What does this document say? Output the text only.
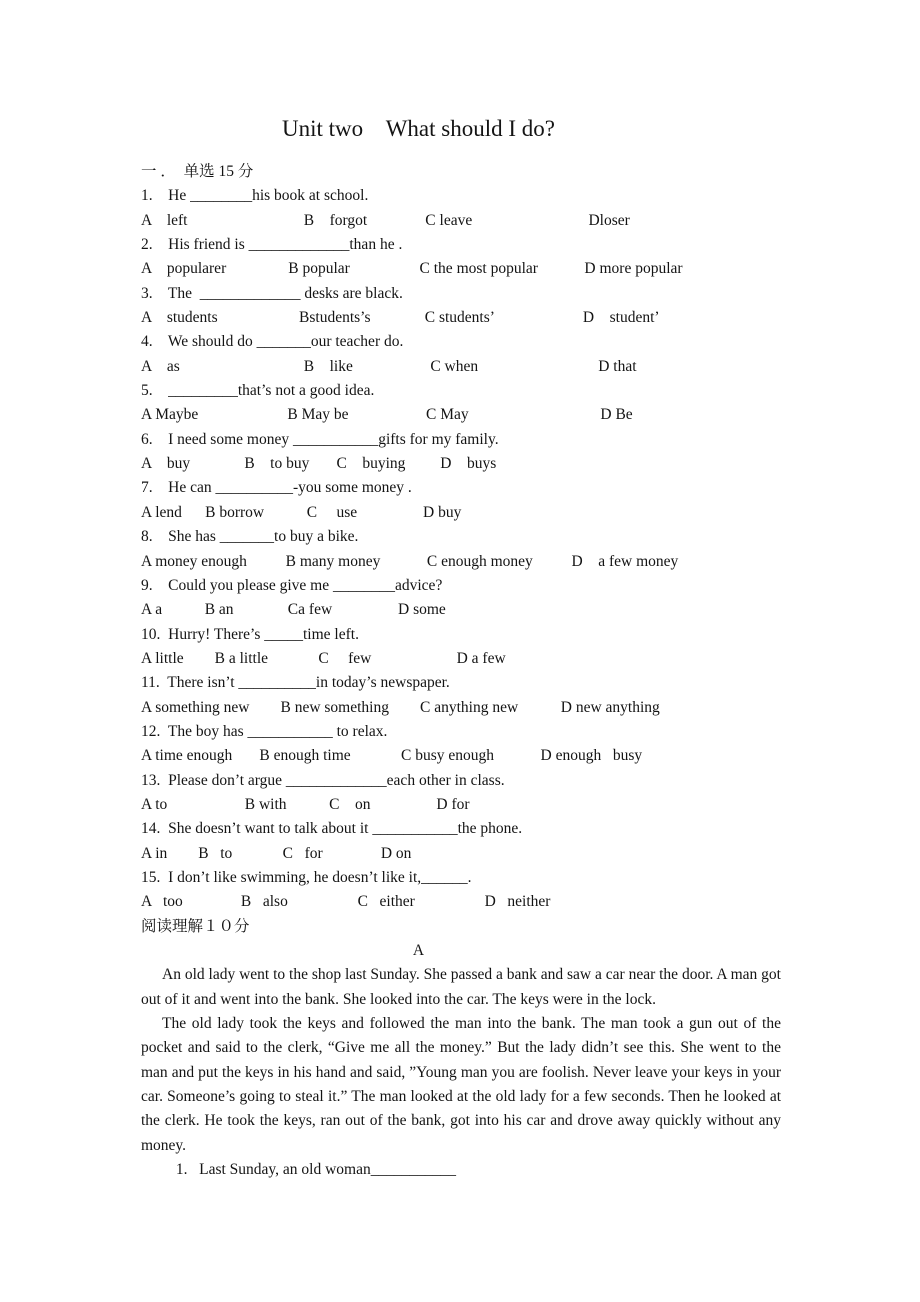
Unit two    What should I do?
一 ．  单选 15 分
1.    He ________his book at school.
A    left                              B    forgot               C leave                              Dloser
2.    His friend is _____________than he .
A    popularer                B popular                  C the most popular            D more popular
3.    The  _____________ desks are black.
A    students                     Bstudents’s              C students’                       D    student’
4.    We should do _______our teacher do.
A    as                                B    like                    C when                               D that
5.    _________that’s not a good idea.
A Maybe                       B May be                    C May                                  D Be
6.    I need some money ___________gifts for my family.
A    buy              B    to buy       C    buying         D    buys
7.    He can __________-you some money .
A lend      B borrow           C     use                 D buy
8.    She has _______to buy a bike.
A money enough          B many money            C enough money          D    a few money
9.    Could you please give me ________advice?
A a           B an              Ca few                 D some
10.  Hurry! There’s _____time left.
A little        B a little             C     few                      D a few
11.  There isn’t __________in today’s newspaper.
A something new        B new something        C anything new           D new anything
12.  The boy has ___________ to relax.
A time enough       B enough time             C busy enough            D enough   busy
13.  Please don’t argue _____________each other in class.
A to                    B with           C    on                 D for
14.  She doesn’t want to talk about it ___________the phone.
A in        B   to             C   for               D on
15.  I don’t like swimming, he doesn’t like it,______.
A   too               B   also                  C   either                  D   neither
阅读理解１０分
A

An old lady went to the shop last Sunday. She passed a bank and saw a car near the door. A man got out of it and went into the bank. She looked into the car. The keys were in the lock.

The old lady took the keys and followed the man into the bank. The man took a gun out of the pocket and said to the clerk, “Give me all the money.” But the lady didn’t see this. She went to the man and put the keys in his hand and said, ”Young man you are foolish. Never leave your keys in your car. Someone’s going to steal it.” The man looked at the old lady for a few seconds. Then he looked at the clerk. He took the keys, ran out of the bank, got into his car and drove away quickly without any money.

1.   Last Sunday, an old woman___________
